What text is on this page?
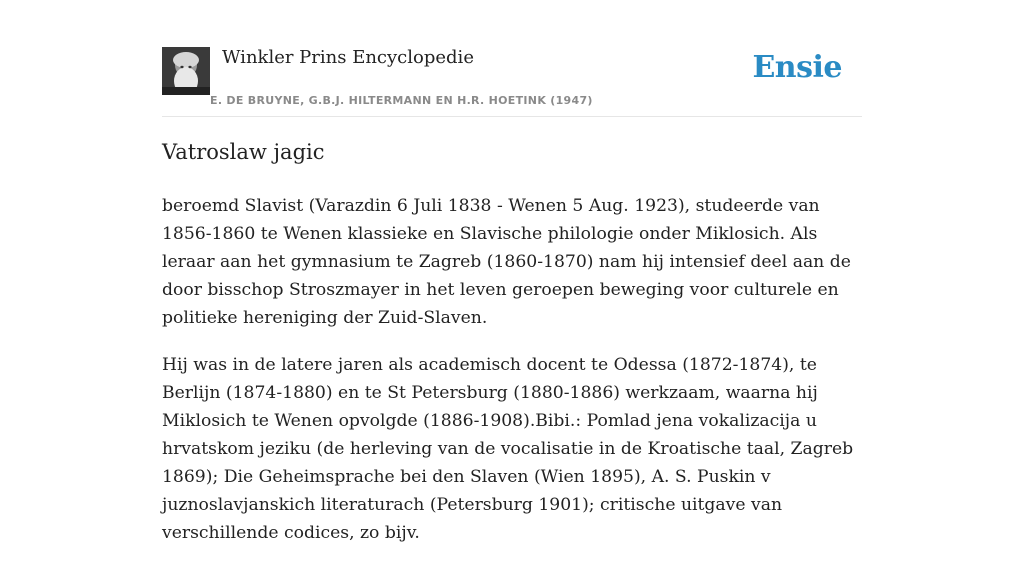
Winkler Prins Encyclopedie
E. DE BRUYNE, G.B.J. HILTERMANN EN H.R. HOETINK (1947)
Ensie
Vatroslaw jagic

beroemd Slavist (Varazdin 6 Juli 1838 - Wenen 5 Aug. 1923), studeerde van 1856-1860 te Wenen klassieke en Slavische philologie onder Miklosich. Als leraar aan het gymnasium te Zagreb (1860-1870) nam hij intensief deel aan de door bisschop Stroszmayer in het leven geroepen beweging voor culturele en politieke hereniging der Zuid-Slaven.

Hij was in de latere jaren als academisch docent te Odessa (1872-1874), te Berlijn (1874-1880) en te St Petersburg (1880-1886) werkzaam, waarna hij Miklosich te Wenen opvolgde (1886-1908).Bibi.: Pomlad jena vokalizacija u hrvatskom jeziku (de herleving van de vocalisatie in de Kroatische taal, Zagreb 1869); Die Geheimsprache bei den Slaven (Wien 1895), A. S. Puskin v juznoslavjanskich literaturach (Petersburg 1901); critische uitgave van verschillende codices, zo bijv.
